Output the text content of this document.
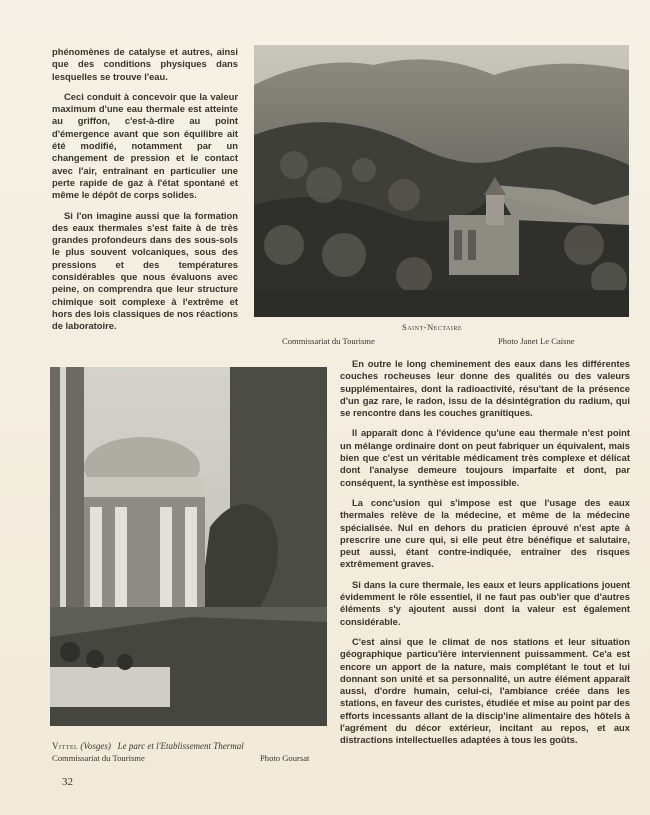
phénomènes de catalyse et autres, ainsi que des conditions physiques dans lesquelles se trouve l'eau.

Ceci conduit à concevoir que la valeur maximum d'une eau thermale est atteinte au griffon, c'est-à-dire au point d'émergence avant que son équilibre ait été modifié, notamment par un changement de pression et le contact avec l'air, entraînant en particulier une perte rapide de gaz à l'état spontané et même le dépôt de corps solides.

Si l'on imagine aussi que la formation des eaux thermales s'est faite à de très grandes profondeurs dans des sous-sols le plus souvent volcaniques, sous des pressions et des températures considérables que nous évaluons avec peine, on comprendra que leur structure chimique soit complexe à l'extrême et hors des lois classiques de nos réactions de laboratoire.	Saint-Nectaire
Commissariat du Tourisme	Photo Janet Le Caisne
Vittel (Vosges) Le parc et l'Etablissement Thermal
Commissariat du Tourisme	Photo Goursat

En outre le long cheminement des eaux dans les différentes couches rocheuses leur donne des qualités ou des valeurs supplémentaires, dont la radioactivité, résu'tant de la présence d'un gaz rare, le radon, issu de la désintégration du radium, qui se rencontre dans les couches granitiques.

Il apparaît donc à l'évidence qu'une eau thermale n'est point un mélange ordinaire dont on peut fabriquer un équivalent, mais bien que c'est un véritable médicament très complexe et délicat dont l'analyse demeure toujours imparfaite et dont, par conséquent, la synthèse est impossible.

La conc'usion qui s'impose est que l'usage des eaux thermales relève de la médecine, et même de la médecine spécialisée. Nul en dehors du praticien éprouvé n'est apte à prescrire une cure qui, si elle peut être bénéfique et salutaire, peut aussi, étant contre-indiquée, entraîner des risques extrêmement graves.

Si dans la cure thermale, les eaux et leurs applications jouent évidemment le rôle essentiel, il ne faut pas oub'ier que d'autres éléments s'y ajoutent aussi dont la valeur est également considérable.

C'est ainsi que le climat de nos stations et leur situation géographique particu'ière interviennent puissamment. Ce'a est encore un apport de la nature, mais complétant le tout et lui donnant son unité et sa personnalité, un autre élément apparaît aussi, d'ordre humain, celui-ci, l'ambiance créée dans les stations, en faveur des curistes, étudiée et mise au point par des efforts incessants allant de la discip'ine alimentaire des hôtels à l'agrément du décor extérieur, incitant au repos, et aux distractions intellectuelles adaptées à tous les goûts.

32
